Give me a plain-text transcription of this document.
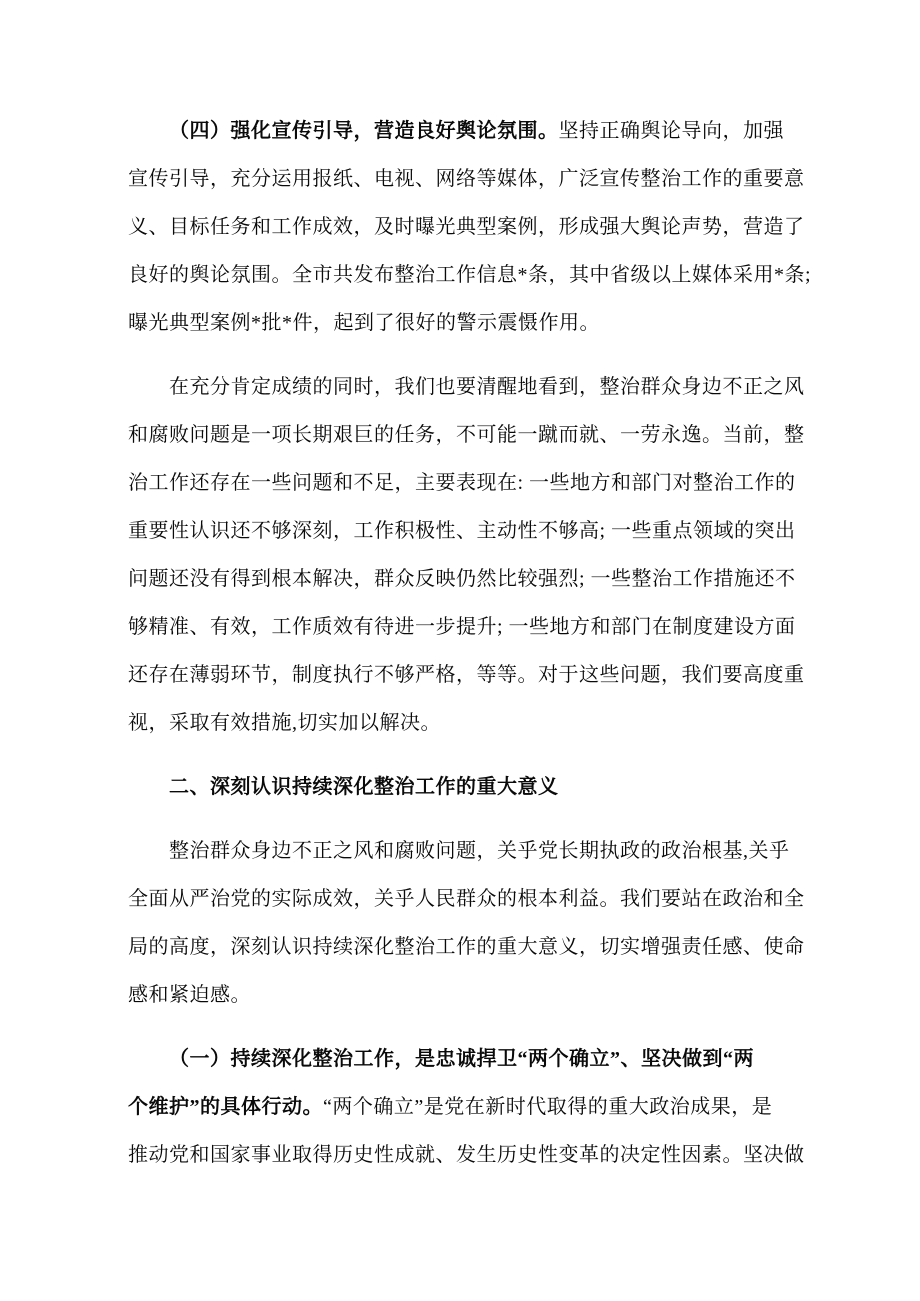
（四）强化宣传引导，营造良好舆论氛围。坚持正确舆论导向，加强
宣传引导，充分运用报纸、电视、网络等媒体，广泛宣传整治工作的重要意
义、目标任务和工作成效，及时曝光典型案例，形成强大舆论声势，营造了
良好的舆论氛围。全市共发布整治工作信息*条，其中省级以上媒体采用*条;
曝光典型案例*批*件，起到了很好的警示震慑作用。
在充分肯定成绩的同时，我们也要清醒地看到，整治群众身边不正之风
和腐败问题是一项长期艰巨的任务，不可能一蹴而就、一劳永逸。当前，整
治工作还存在一些问题和不足，主要表现在: 一些地方和部门对整治工作的
重要性认识还不够深刻，工作积极性、主动性不够高; 一些重点领域的突出
问题还没有得到根本解决，群众反映仍然比较强烈; 一些整治工作措施还不
够精准、有效，工作质效有待进一步提升; 一些地方和部门在制度建设方面
还存在薄弱环节，制度执行不够严格，等等。对于这些问题，我们要高度重
视，采取有效措施,切实加以解决。
二、深刻认识持续深化整治工作的重大意义
整治群众身边不正之风和腐败问题，关乎党长期执政的政治根基,关乎
全面从严治党的实际成效，关乎人民群众的根本利益。我们要站在政治和全
局的高度，深刻认识持续深化整治工作的重大意义，切实增强责任感、使命
感和紧迫感。
（一）持续深化整治工作，是忠诚捍卫“两个确立”、坚决做到“两
个维护”的具体行动。“两个确立”是党在新时代取得的重大政治成果，是
推动党和国家事业取得历史性成就、发生历史性变革的决定性因素。坚决做
